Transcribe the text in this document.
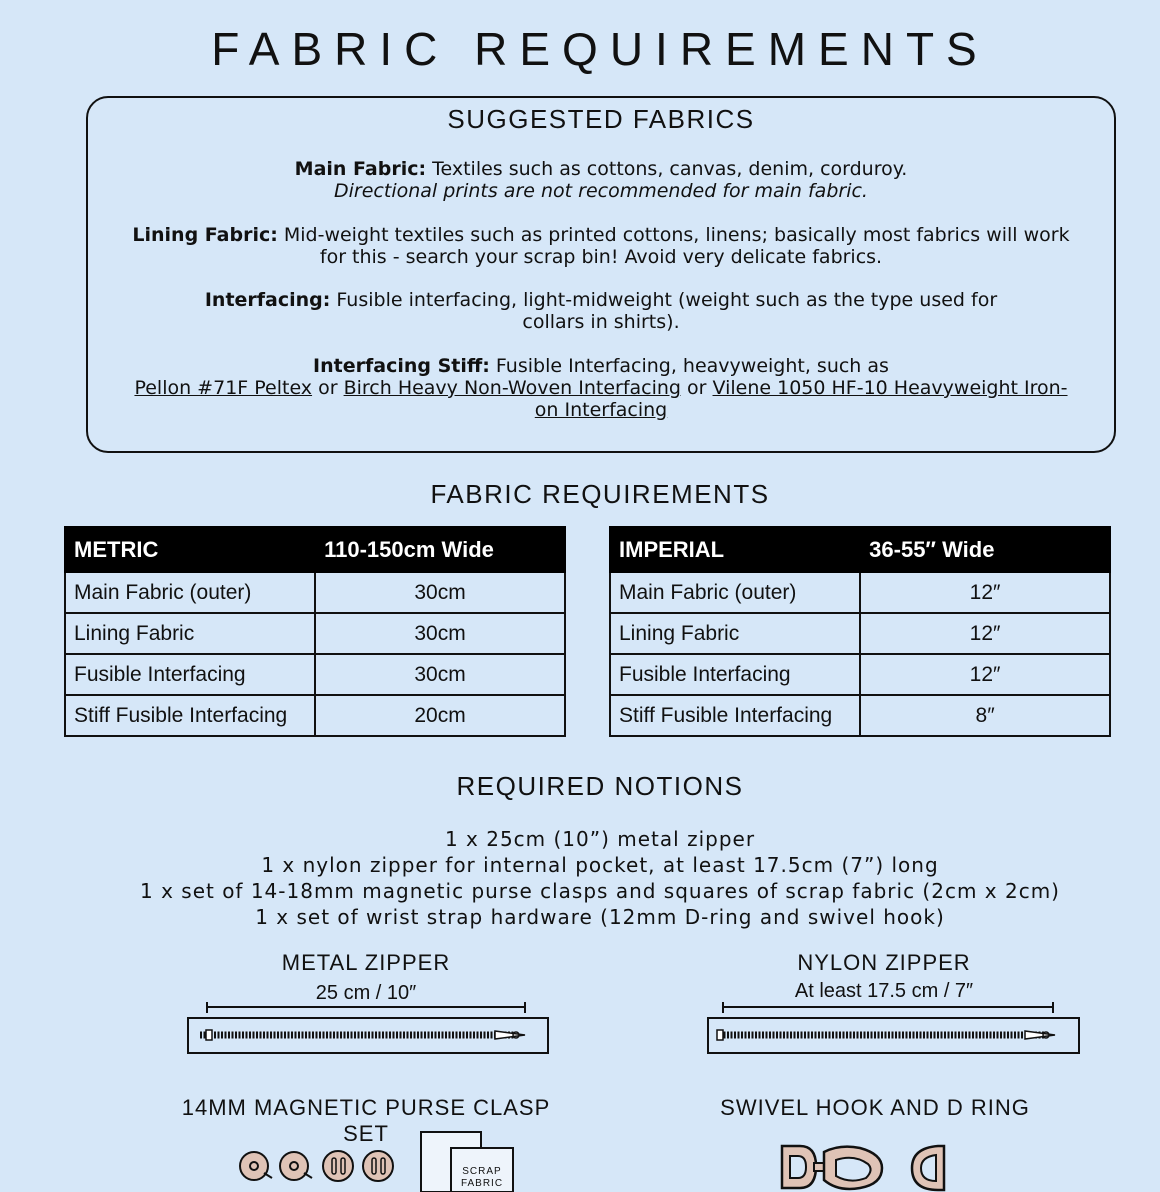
FABRIC REQUIREMENTS
SUGGESTED FABRICS
Main Fabric: Textiles such as cottons, canvas, denim, corduroy.
Directional prints are not recommended for main fabric.
Lining Fabric: Mid-weight textiles such as printed cottons, linens; basically most fabrics will work
for this - search your scrap bin! Avoid very delicate fabrics.
Interfacing: Fusible interfacing, light-midweight (weight such as the type used for
collars in shirts).
Interfacing Stiff: Fusible Interfacing, heavyweight, such as
Pellon #71F Peltex or Birch Heavy Non-Woven Interfacing or Vilene 1050 HF-10 Heavyweight Iron-
on Interfacing
FABRIC REQUIREMENTS
METRIC	110-150cm Wide
Main Fabric (outer)	30cm
Lining Fabric	30cm
Fusible Interfacing	30cm
Stiff Fusible Interfacing	20cm
IMPERIAL	36-55″ Wide
Main Fabric (outer)	12″
Lining Fabric	12″
Fusible Interfacing	12″
Stiff Fusible Interfacing	8″
REQUIRED NOTIONS
1 x 25cm (10”) metal zipper
1 x nylon zipper for internal pocket, at least 17.5cm (7”) long
1 x set of 14-18mm magnetic purse clasps and squares of scrap fabric (2cm x 2cm)
1 x set of wrist strap hardware (12mm D-ring and swivel hook)
METAL ZIPPER
25 cm / 10″
NYLON ZIPPER
At least 17.5 cm / 7″
14MM MAGNETIC PURSE CLASP SET
SWIVEL HOOK AND D RING
SCRAP
FABRIC
